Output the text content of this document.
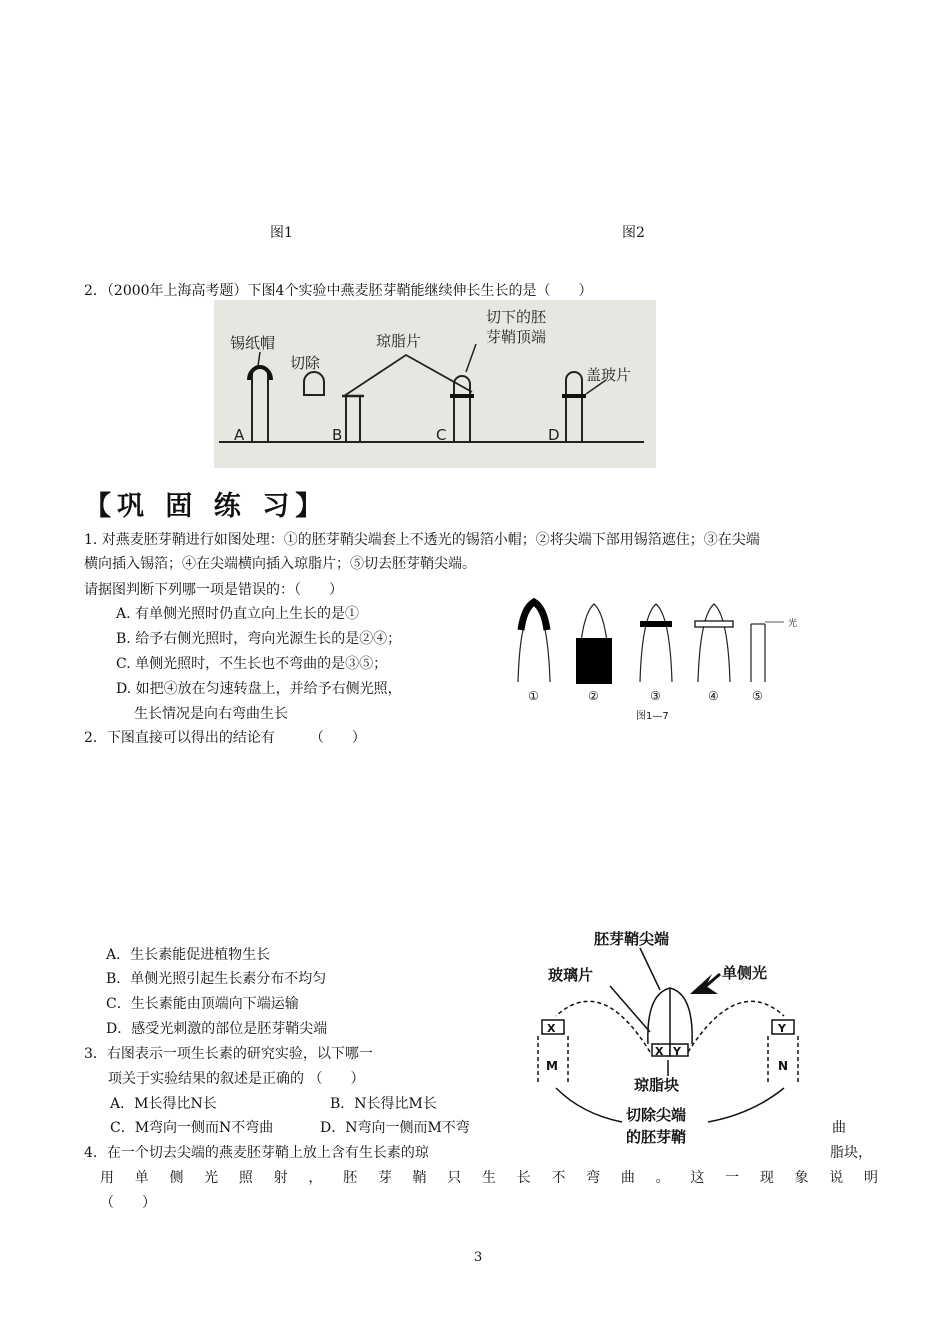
图1	图2
2．（2000年上海高考题）下图4个实验中燕麦胚芽鞘能继续伸长生长的是（　　）
锡纸帽
A
切除
B
琼脂片
C
切下的胚
芽鞘顶端
D
盖玻片
【巩 固 练 习】
1. 对燕麦胚芽鞘进行如图处理：①的胚芽鞘尖端套上不透光的锡箔小帽；②将尖端下部用锡箔遮住；③在尖端
横向插入锡箔；④在尖端横向插入琼脂片；⑤切去胚芽鞘尖端。
请据图判断下列哪一项是错误的：（　　）
A. 有单侧光照时仍直立向上生长的是①
B. 给予右侧光照时，弯向光源生长的是②④；
C. 单侧光照时，不生长也不弯曲的是③⑤；
D. 如把④放在匀速转盘上，并给予右侧光照，
生长情况是向右弯曲生长
光
①	②	③	④	⑤
图1—7
2．下图直接可以得出的结论有　　　（　　）
A．生长素能促进植物生长
B．单侧光照引起生长素分布不均匀
C．生长素能由顶端向下端运输
D．感受光刺激的部位是胚芽鞘尖端
3．右图表示一项生长素的研究实验，以下哪一
项关于实验结果的叙述是正确的 （　　）
A．M长得比N长	B．N长得比M长
C．M弯向一侧而N不弯曲	D．N弯向一侧而M不弯	曲
胚芽鞘尖端
玻璃片	单侧光
X Y
X
M
Y
N
琼脂块
切除尖端
的胚芽鞘
4．在一个切去尖端的燕麦胚芽鞘上放上含有生长素的琼	脂块，
用单侧光照射，胚芽鞘只生长不弯曲。这一现象说明
（　　）
3
